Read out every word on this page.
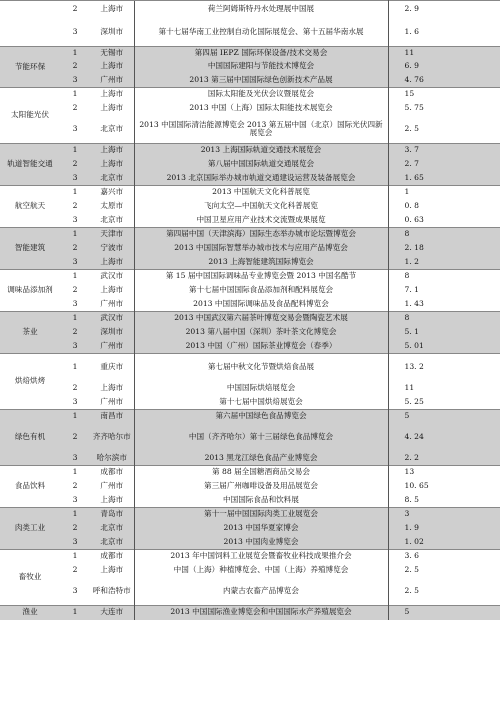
	2	上海市	荷兰阿姆斯特丹水处理展中国展	2. 9
	3	深圳市	第十七届华南工业控制自动化国际展览会、第十五届华南水展	1. 6
节能环保	1	无锡市	第四届 IEPZ 国际环保设备/技术交易会	11
	2	上海市	中国国际建阳与节能技术博览会	6. 9
	3	广州市	2013 第三届中国国际绿色创新技术产品展	4. 76
太阳能光伏	1	上海市	国际太阳能及光伏会议暨展览会	15
	2	上海市	2013 中国（上海）国际太阳能技术展览会	5. 75
	3	北京市	2013 中国国际清洁能源博览会 2013 第五届中国（北京）国际光伏四新展览会	2. 5
轨道智能交通	1	上海市	2013 上海国际轨道交通技术展览会	3. 7
	2	上海市	第八届中国国际轨道交通展览会	2. 7
	3	北京市	2013 北京国际举办城市轨道交通建设运营及装备展览会	1. 65
航空航天	1	嘉兴市	2013 中国航天文化科普展览	1
	2	太原市	飞向太空—中国航天文化科普展览	0. 8
	3	北京市	中国卫星应用产业技术交流暨成果展览	0. 63
智能建筑	1	天津市	第四届中国（天津滨海）国际生态举办城市论坛暨博览会	8
	2	宁波市	2013 中国国际智慧举办城市技术与应用产品博览会	2. 18
	3	上海市	2013 上海智能建筑国际博览会	1. 2
调味品添加剂	1	武汉市	第 15 届中国国际调味品专业博览会暨 2013 中国名酷节	8
	2	上海市	第十七届中国国际食品添加剂和配料展览会	7. 1
	3	广州市	2013 中国国际调味品及食品配料博览会	1. 43
茶业	1	武汉市	2013 中国武汉第六届茶叶博览交易会暨陶瓷艺术展	8
	2	深圳市	2013 第八届中国（深圳）茶叶茶文化博览会	5. 1
	3	广州市	2013 中国（广州）国际茶业博览会（春季）	5. 01
烘焙烘烤	1	重庆市	第七届中秋文化节暨烘焙食品展	13. 2
	2	上海市	中国国际烘焙展览会	11
	3	广州市	第十七届中国烘焙展览会	5. 25
绿色有机	1	南昌市	第六届中国绿色食品博览会	5
	2	齐齐哈尔市	中国（齐齐哈尔）第十三届绿色食品博览会	4. 24
	3	哈尔滨市	2013 黑龙江绿色食品产业博览会	2. 2
食品饮料	1	成都市	第 88 届全国糖酒商品交易会	13
	2	广州市	第三届广州咖啡设备及用品展览会	10. 65
	3	上海市	中国国际食品和饮料展	8. 5
肉类工业	1	青岛市	第十一届中国国际肉类工业展览会	3
	2	北京市	2013 中国华夏家博会	1. 9
	3	北京市	2013 中国肉业博览会	1. 02
畜牧业	1	成都市	2013 年中国饲料工业展览会暨畜牧业科技成果推介会	3. 6
	2	上海市	中国（上海）种植博览会、中国（上海）养殖博览会	2. 5
	3	呼和浩特市	内蒙古农畜产品博览会	2. 5
渔业	1	大连市	2013 中国国际渔业博览会和中国国际水产养殖展览会	5
